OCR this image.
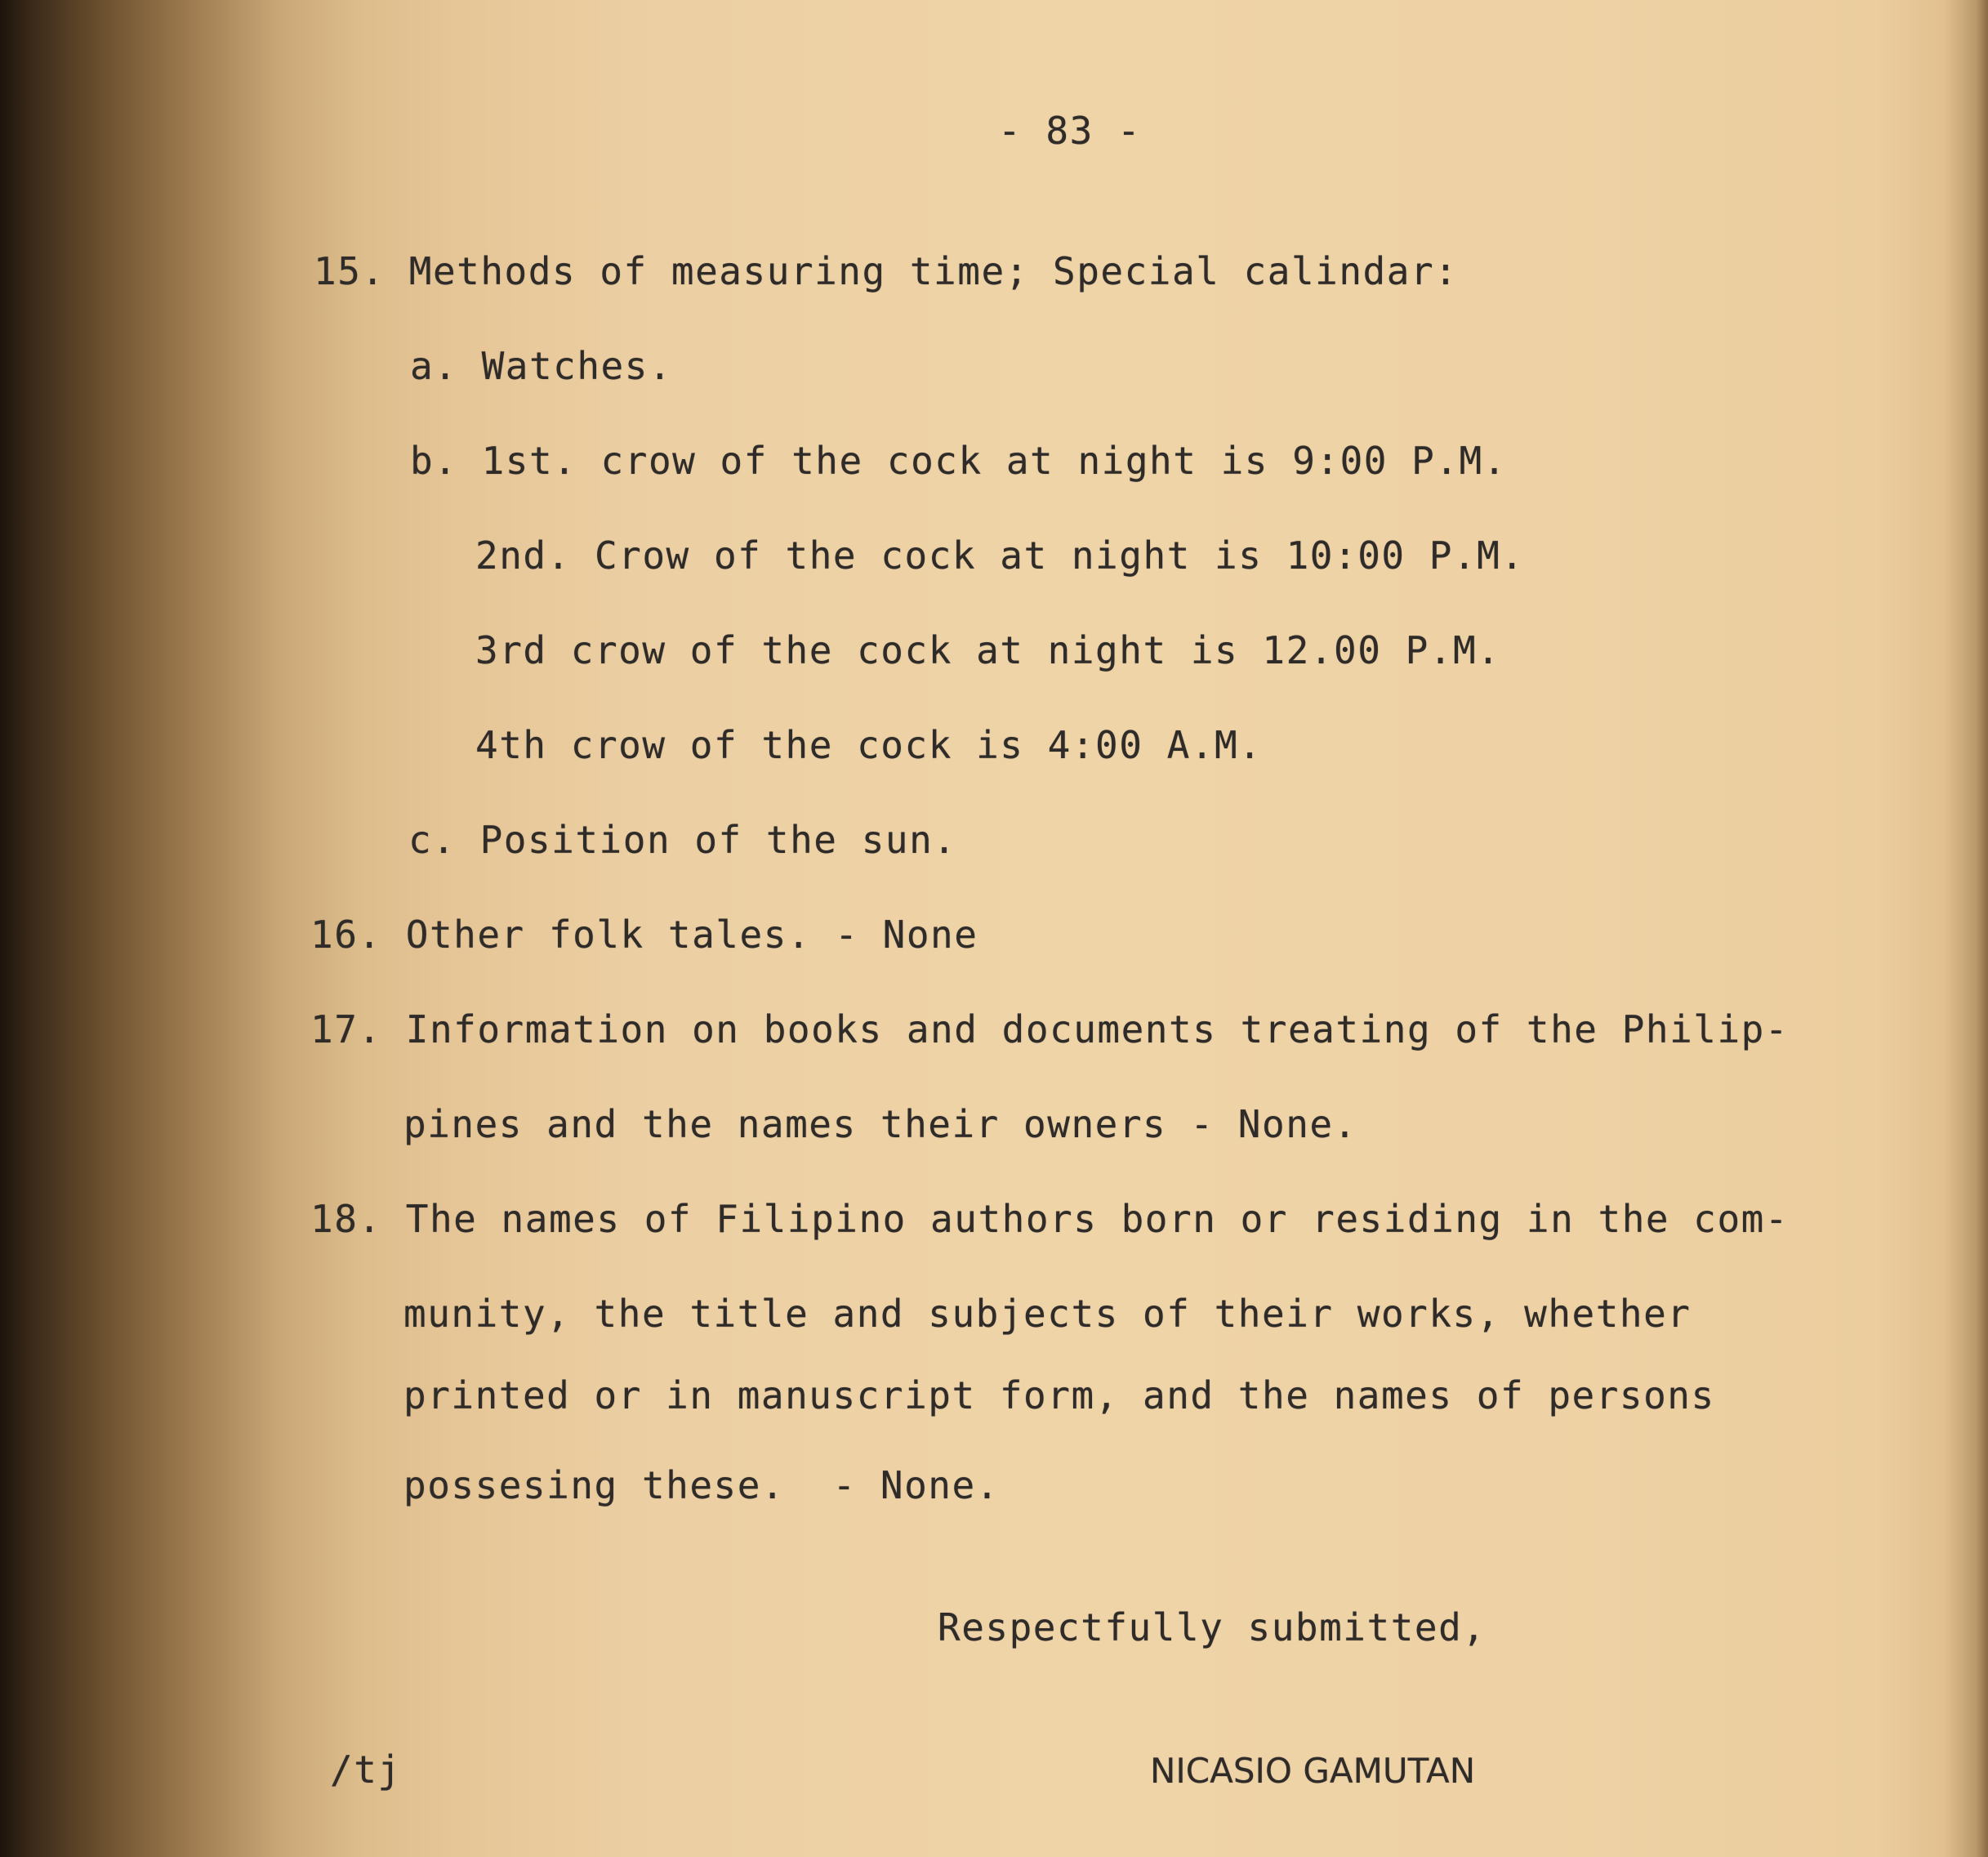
- 83 -
15. Methods of measuring time; Special calindar:
a. Watches.
b. 1st. crow of the cock at night is 9:00 P.M.
2nd. Crow of the cock at night is 10:00 P.M.
3rd crow of the cock at night is 12.00 P.M.
4th crow of the cock is 4:00 A.M.
c. Position of the sun.
16. Other folk tales. - None
17. Information on books and documents treating of the Philip-
pines and the names their owners - None.
18. The names of Filipino authors born or residing in the com-
munity, the title and subjects of their works, whether
printed or in manuscript form, and the names of persons
possesing these.  - None.
Respectfully submitted,
/tj	NICASIO GAMUTAN
